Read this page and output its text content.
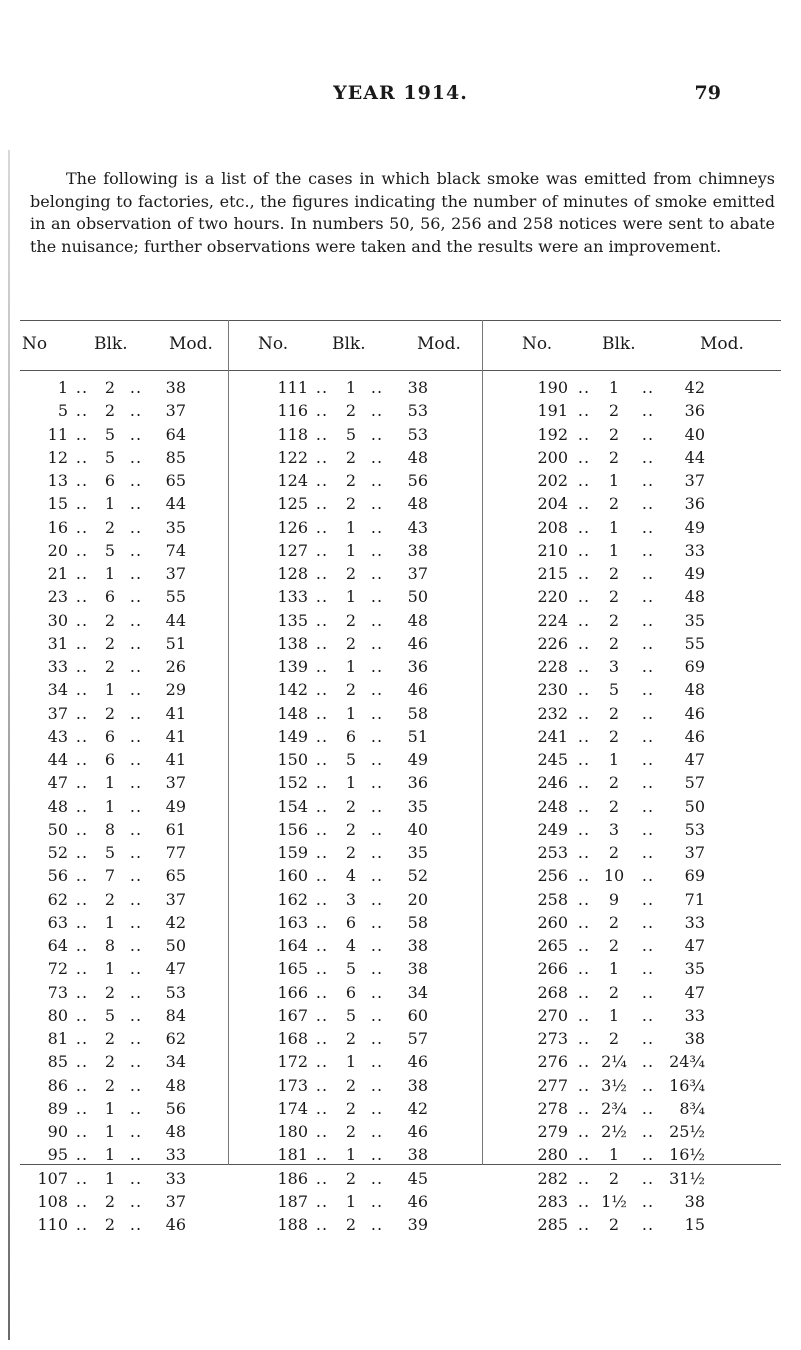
YEAR 1914.	79

The following is a list of the cases in which black smoke was emitted from chimneys belonging to factories, etc., the figures indicating the number of minutes of smoke emitted in an observation of two hours. In numbers 50, 56, 256 and 258 notices were sent to abate the nuisance; further observations were taken and the results were an improvement.

No	Blk. Mod.	No.	Blk.	Mod.	No.	Blk.	Mod.
1 ..	2 ..	38	111 ..	1 ..	38	190 ..	1	..	42
5 ..	2 ..	37	116 ..	2 ..	53	191 ..	2	..	36
11 ..	5 ..	64	118 ..	5 ..	53	192 ..	2	..	40
12 ..	5 ..	85	122 ..	2 ..	48	200 ..	2	..	44
13 ..	6 ..	65	124 ..	2 ..	56	202 ..	1	..	37
15 ..	1 ..	44	125 ..	2 ..	48	204 ..	2	..	36
16 ..	2 ..	35	126 ..	1 ..	43	208 ..	1	..	49
20 ..	5 ..	74	127 ..	1 ..	38	210 ..	1	..	33
21 ..	1 ..	37	128 ..	2 ..	37	215 ..	2	..	49
23 ..	6 ..	55	133 ..	1 ..	50	220 ..	2	..	48
30 ..	2 ..	44	135 ..	2 ..	48	224 ..	2	..	35
31 ..	2 ..	51	138 ..	2 ..	46	226 ..	2	..	55
33 ..	2 ..	26	139 ..	1 ..	36	228 ..	3	..	69
34 ..	1 ..	29	142 ..	2 ..	46	230 ..	5	..	48
37 ..	2 ..	41	148 ..	1 ..	58	232 ..	2	..	46
43 ..	6 ..	41	149 ..	6 ..	51	241 ..	2	..	46
44 ..	6 ..	41	150 ..	5 ..	49	245 ..	1	..	47
47 ..	1 ..	37	152 ..	1 ..	36	246 ..	2	..	57
48 ..	1 ..	49	154 ..	2 ..	35	248 ..	2	..	50
50 ..	8 ..	61	156 ..	2 ..	40	249 ..	3	..	53
52 ..	5 ..	77	159 ..	2 ..	35	253 ..	2	..	37
56 ..	7 ..	65	160 ..	4 ..	52	256 .. 10	..	69
62 ..	2 ..	37	162 ..	3 ..	20	258 ..	9	..	71
63 ..	1 ..	42	163 ..	6 ..	58	260 ..	2	..	33
64 ..	8 ..	50	164 ..	4 ..	38	265 ..	2	..	47
72 ..	1 ..	47	165 ..	5 ..	38	266 ..	1	..	35
73 ..	2 ..	53	166 ..	6 ..	34	268 ..	2	..	47
80 ..	5 ..	84	167 ..	5 ..	60	270 ..	1	..	33
81 ..	2 ..	62	168 ..	2 ..	57	273 ..	2	..	38
85 ..	2 ..	34	172 ..	1 ..	46	276 .. 2¼ .. 24¾
86 ..	2 ..	48	173 ..	2 ..	38	277 .. 3½ .. 16¾
89 ..	1 ..	56	174 ..	2 ..	42	278 .. 2¾ ..	8¾
90 ..	1 ..	48	180 ..	2 ..	46	279 .. 2½ .. 25½
95 ..	1 ..	33	181 ..	1 ..	38	280 ..	1	.. 16½
107 ..	1 ..	33	186 ..	2 ..	45	282 ..	2	.. 31½
108 ..	2 ..	37	187 ..	1 ..	46	283 .. 1½ ..	38
110 ..	2 ..	46	188 ..	2 ..	39	285 ..	2	..	15
